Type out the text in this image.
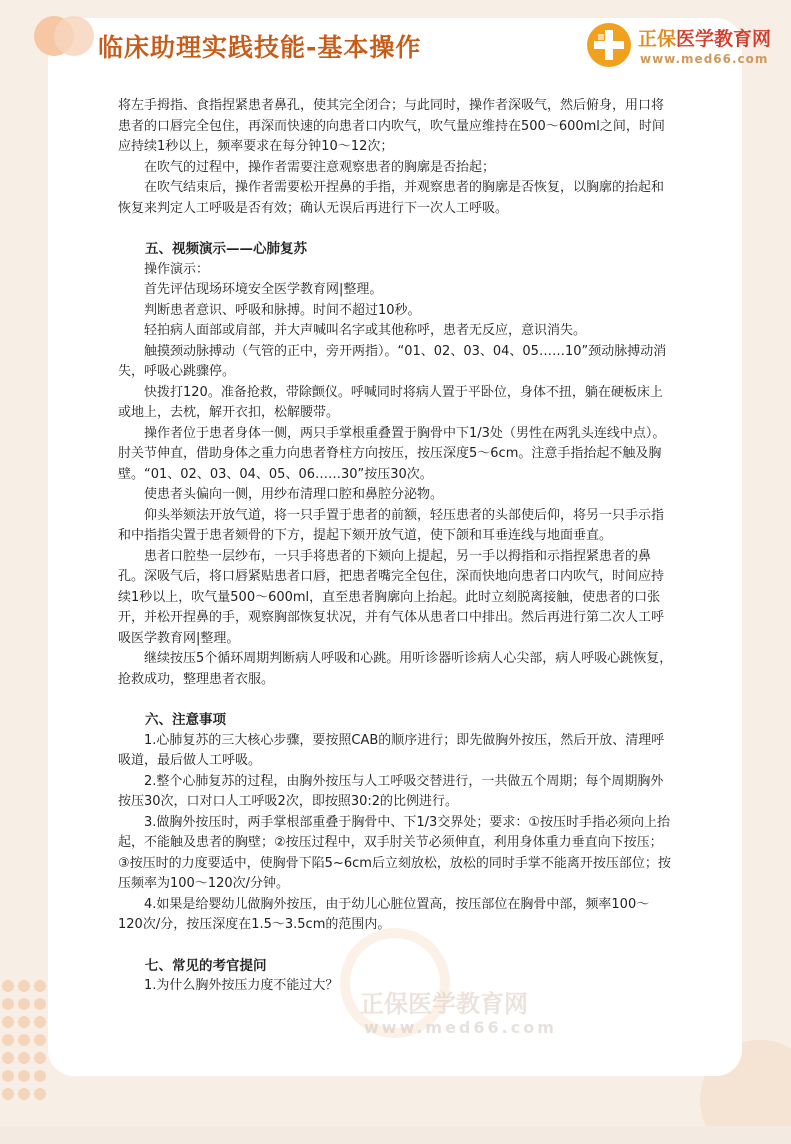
临床助理实践技能-基本操作	正保医学教育网
www.med66.com

将左手拇指、食指捏紧患者鼻孔，使其完全闭合；与此同时，操作者深吸气，然后俯身，用口将患者的口唇完全包住，再深而快速的向患者口内吹气，吹气量应维持在500～600ml之间，时间应持续1秒以上，频率要求在每分钟10～12次；

在吹气的过程中，操作者需要注意观察患者的胸廓是否抬起；

在吹气结束后，操作者需要松开捏鼻的手指，并观察患者的胸廓是否恢复，以胸廓的抬起和恢复来判定人工呼吸是否有效；确认无误后再进行下一次人工呼吸。

五、视频演示——心肺复苏

操作演示：

首先评估现场环境安全医学教育网|整理。

判断患者意识、呼吸和脉搏。时间不超过10秒。

轻拍病人面部或肩部，并大声喊叫名字或其他称呼，患者无反应，意识消失。

触摸颈动脉搏动（气管的正中，旁开两指）。“01、02、03、04、05……10”颈动脉搏动消失，呼吸心跳骤停。

快拨打120。准备抢救，带除颤仪。呼喊同时将病人置于平卧位，身体不扭，躺在硬板床上或地上，去枕，解开衣扣，松解腰带。

操作者位于患者身体一侧，两只手掌根重叠置于胸骨中下1/3处（男性在两乳头连线中点）。肘关节伸直，借助身体之重力向患者脊柱方向按压，按压深度5～6cm。注意手指抬起不触及胸壁。“01、02、03、04、05、06……30”按压30次。

使患者头偏向一侧，用纱布清理口腔和鼻腔分泌物。

仰头举颏法开放气道，将一只手置于患者的前额，轻压患者的头部使后仰，将另一只手示指和中指指尖置于患者颏骨的下方，提起下颏开放气道，使下颌和耳垂连线与地面垂直。

患者口腔垫一层纱布，一只手将患者的下颏向上提起，另一手以拇指和示指捏紧患者的鼻孔。深吸气后，将口唇紧贴患者口唇，把患者嘴完全包住，深而快地向患者口内吹气，时间应持续1秒以上，吹气量500～600ml，直至患者胸廓向上抬起。此时立刻脱离接触，使患者的口张开，并松开捏鼻的手，观察胸部恢复状况，并有气体从患者口中排出。然后再进行第二次人工呼吸医学教育网|整理。

继续按压5个循环周期判断病人呼吸和心跳。用听诊器听诊病人心尖部，病人呼吸心跳恢复，抢救成功，整理患者衣服。

六、注意事项

1.心肺复苏的三大核心步骤，要按照CAB的顺序进行；即先做胸外按压，然后开放、清理呼吸道，最后做人工呼吸。

2.整个心肺复苏的过程，由胸外按压与人工呼吸交替进行，一共做五个周期；每个周期胸外按压30次，口对口人工呼吸2次，即按照30:2的比例进行。

3.做胸外按压时，两手掌根部重叠于胸骨中、下1/3交界处；要求：①按压时手指必须向上抬起，不能触及患者的胸壁；②按压过程中，双手肘关节必须伸直，利用身体重力垂直向下按压；③按压时的力度要适中，使胸骨下陷5~6cm后立刻放松，放松的同时手掌不能离开按压部位；按压频率为100～120次/分钟。

4.如果是给婴幼儿做胸外按压，由于幼儿心脏位置高，按压部位在胸骨中部，频率100～120次/分，按压深度在1.5～3.5cm的范围内。

七、常见的考官提问

1.为什么胸外按压力度不能过大？

正保医学教育网
www.med66.com
